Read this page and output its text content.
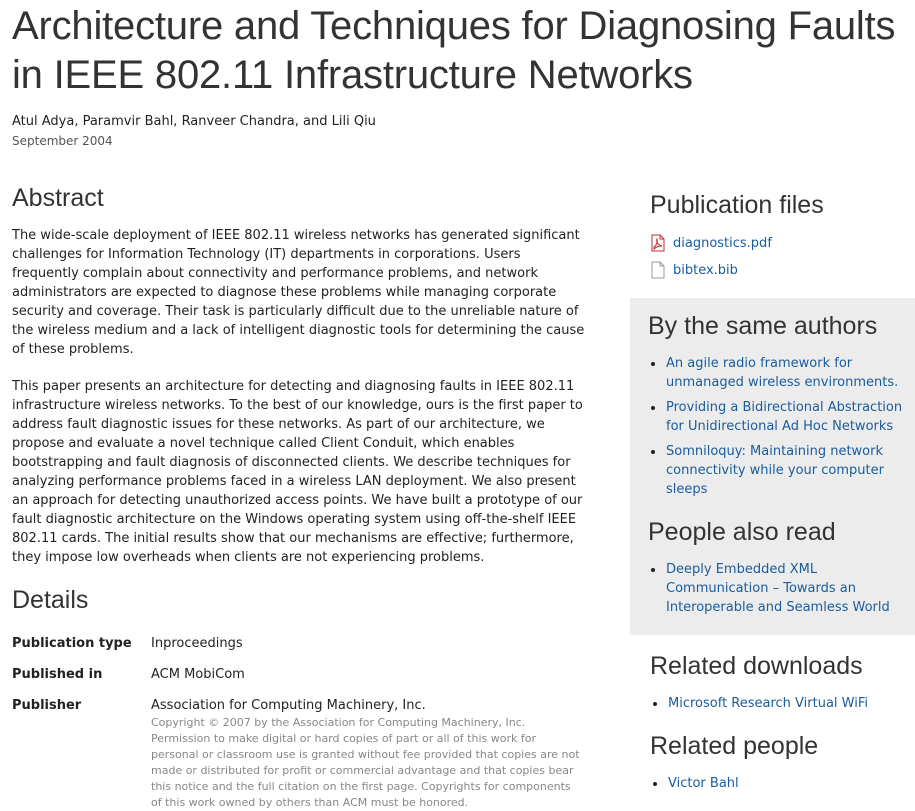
Architecture and Techniques for Diagnosing Faults in IEEE 802.11 Infrastructure Networks
Atul Adya, Paramvir Bahl, Ranveer Chandra, and Lili Qiu
September 2004
Abstract

The wide-scale deployment of IEEE 802.11 wireless networks has generated significant challenges for Information Technology (IT) departments in corporations. Users frequently complain about connectivity and performance problems, and network administrators are expected to diagnose these problems while managing corporate security and coverage. Their task is particularly difficult due to the unreliable nature of the wireless medium and a lack of intelligent diagnostic tools for determining the cause of these problems.

This paper presents an architecture for detecting and diagnosing faults in IEEE 802.11 infrastructure wireless networks. To the best of our knowledge, ours is the first paper to address fault diagnostic issues for these networks. As part of our architecture, we propose and evaluate a novel technique called Client Conduit, which enables bootstrapping and fault diagnosis of disconnected clients. We describe techniques for analyzing performance problems faced in a wireless LAN deployment. We also present an approach for detecting unauthorized access points. We have built a prototype of our fault diagnostic architecture on the Windows operating system using off-the-shelf IEEE 802.11 cards. The initial results show that our mechanisms are effective; furthermore, they impose low overheads when clients are not experiencing problems.

Details
Publication type Inproceedings
Published in	ACM MobiCom
Publisher	Association for Computing Machinery, Inc.

Copyright © 2007 by the Association for Computing Machinery, Inc. Permission to make digital or hard copies of part or all of this work for personal or classroom use is granted without fee provided that copies are not made or distributed for profit or commercial advantage and that copies bear this notice and the full citation on the first page. Copyrights for components of this work owned by others than ACM must be honored.

Publication files
diagnostics.pdf
bibtex.bib
By the same authors
An agile radio framework for unmanaged wireless environments.
Providing a Bidirectional Abstraction for Unidirectional Ad Hoc Networks
Somniloquy: Maintaining network connectivity while your computer sleeps
People also read
Deeply Embedded XML Communication – Towards an Interoperable and Seamless World
Related downloads
Microsoft Research Virtual WiFi
Related people
Victor Bahl
